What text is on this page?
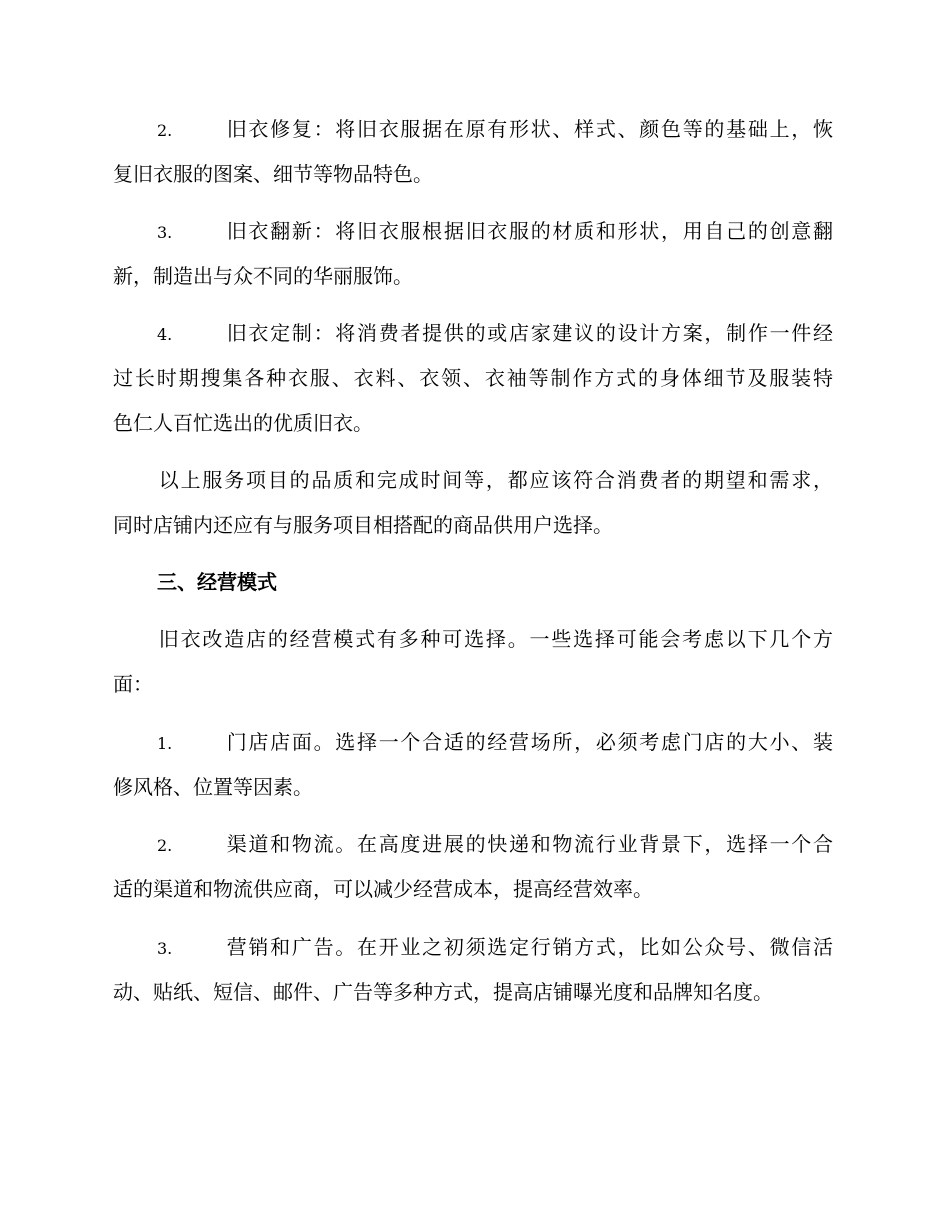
2.	旧衣修复：将旧衣服据在原有形状、样式、颜色等的基础上，恢
复旧衣服的图案、细节等物品特色。
3.	旧衣翻新：将旧衣服根据旧衣服的材质和形状，用自己的创意翻
新，制造出与众不同的华丽服饰。
4.	旧衣定制：将消费者提供的或店家建议的设计方案，制作一件经
过长时期搜集各种衣服、衣料、衣领、衣袖等制作方式的身体细节及服装特
色仁人百忙选出的优质旧衣。
以上服务项目的品质和完成时间等，都应该符合消费者的期望和需求，
同时店铺内还应有与服务项目相搭配的商品供用户选择。
三、经营模式
旧衣改造店的经营模式有多种可选择。一些选择可能会考虑以下几个方
面：
1.	门店店面。选择一个合适的经营场所，必须考虑门店的大小、装
修风格、位置等因素。
2.	渠道和物流。在高度进展的快递和物流行业背景下，选择一个合
适的渠道和物流供应商，可以减少经营成本，提高经营效率。
3.	营销和广告。在开业之初须选定行销方式，比如公众号、微信活
动、贴纸、短信、邮件、广告等多种方式，提高店铺曝光度和品牌知名度。
